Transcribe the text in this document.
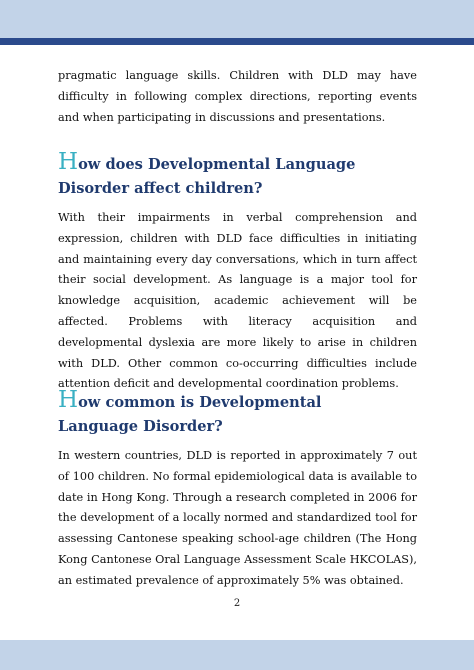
pragmatic language skills. Children with DLD may have difficulty in following complex directions, reporting events and when participating in discussions and presentations.

How does Developmental Language Disorder affect children?

With their impairments in verbal comprehension and expression, children with DLD face difficulties in initiating and maintaining every day conversations, which in turn affect their social development. As language is a major tool for knowledge acquisition, academic achievement will be affected. Problems with literacy acquisition and developmental dyslexia are more likely to arise in children with DLD. Other common co-occurring difficulties include attention deficit and developmental coordination problems.

How common is Developmental Language Disorder?

In western countries, DLD is reported in approximately 7 out of 100 children. No formal epidemiological data is available to date in Hong Kong. Through a research completed in 2006 for the development of a locally normed and standardized tool for assessing Cantonese speaking school-age children (The Hong Kong Cantonese Oral Language Assessment Scale HKCOLAS), an estimated prevalence of approximately 5% was obtained.

2
